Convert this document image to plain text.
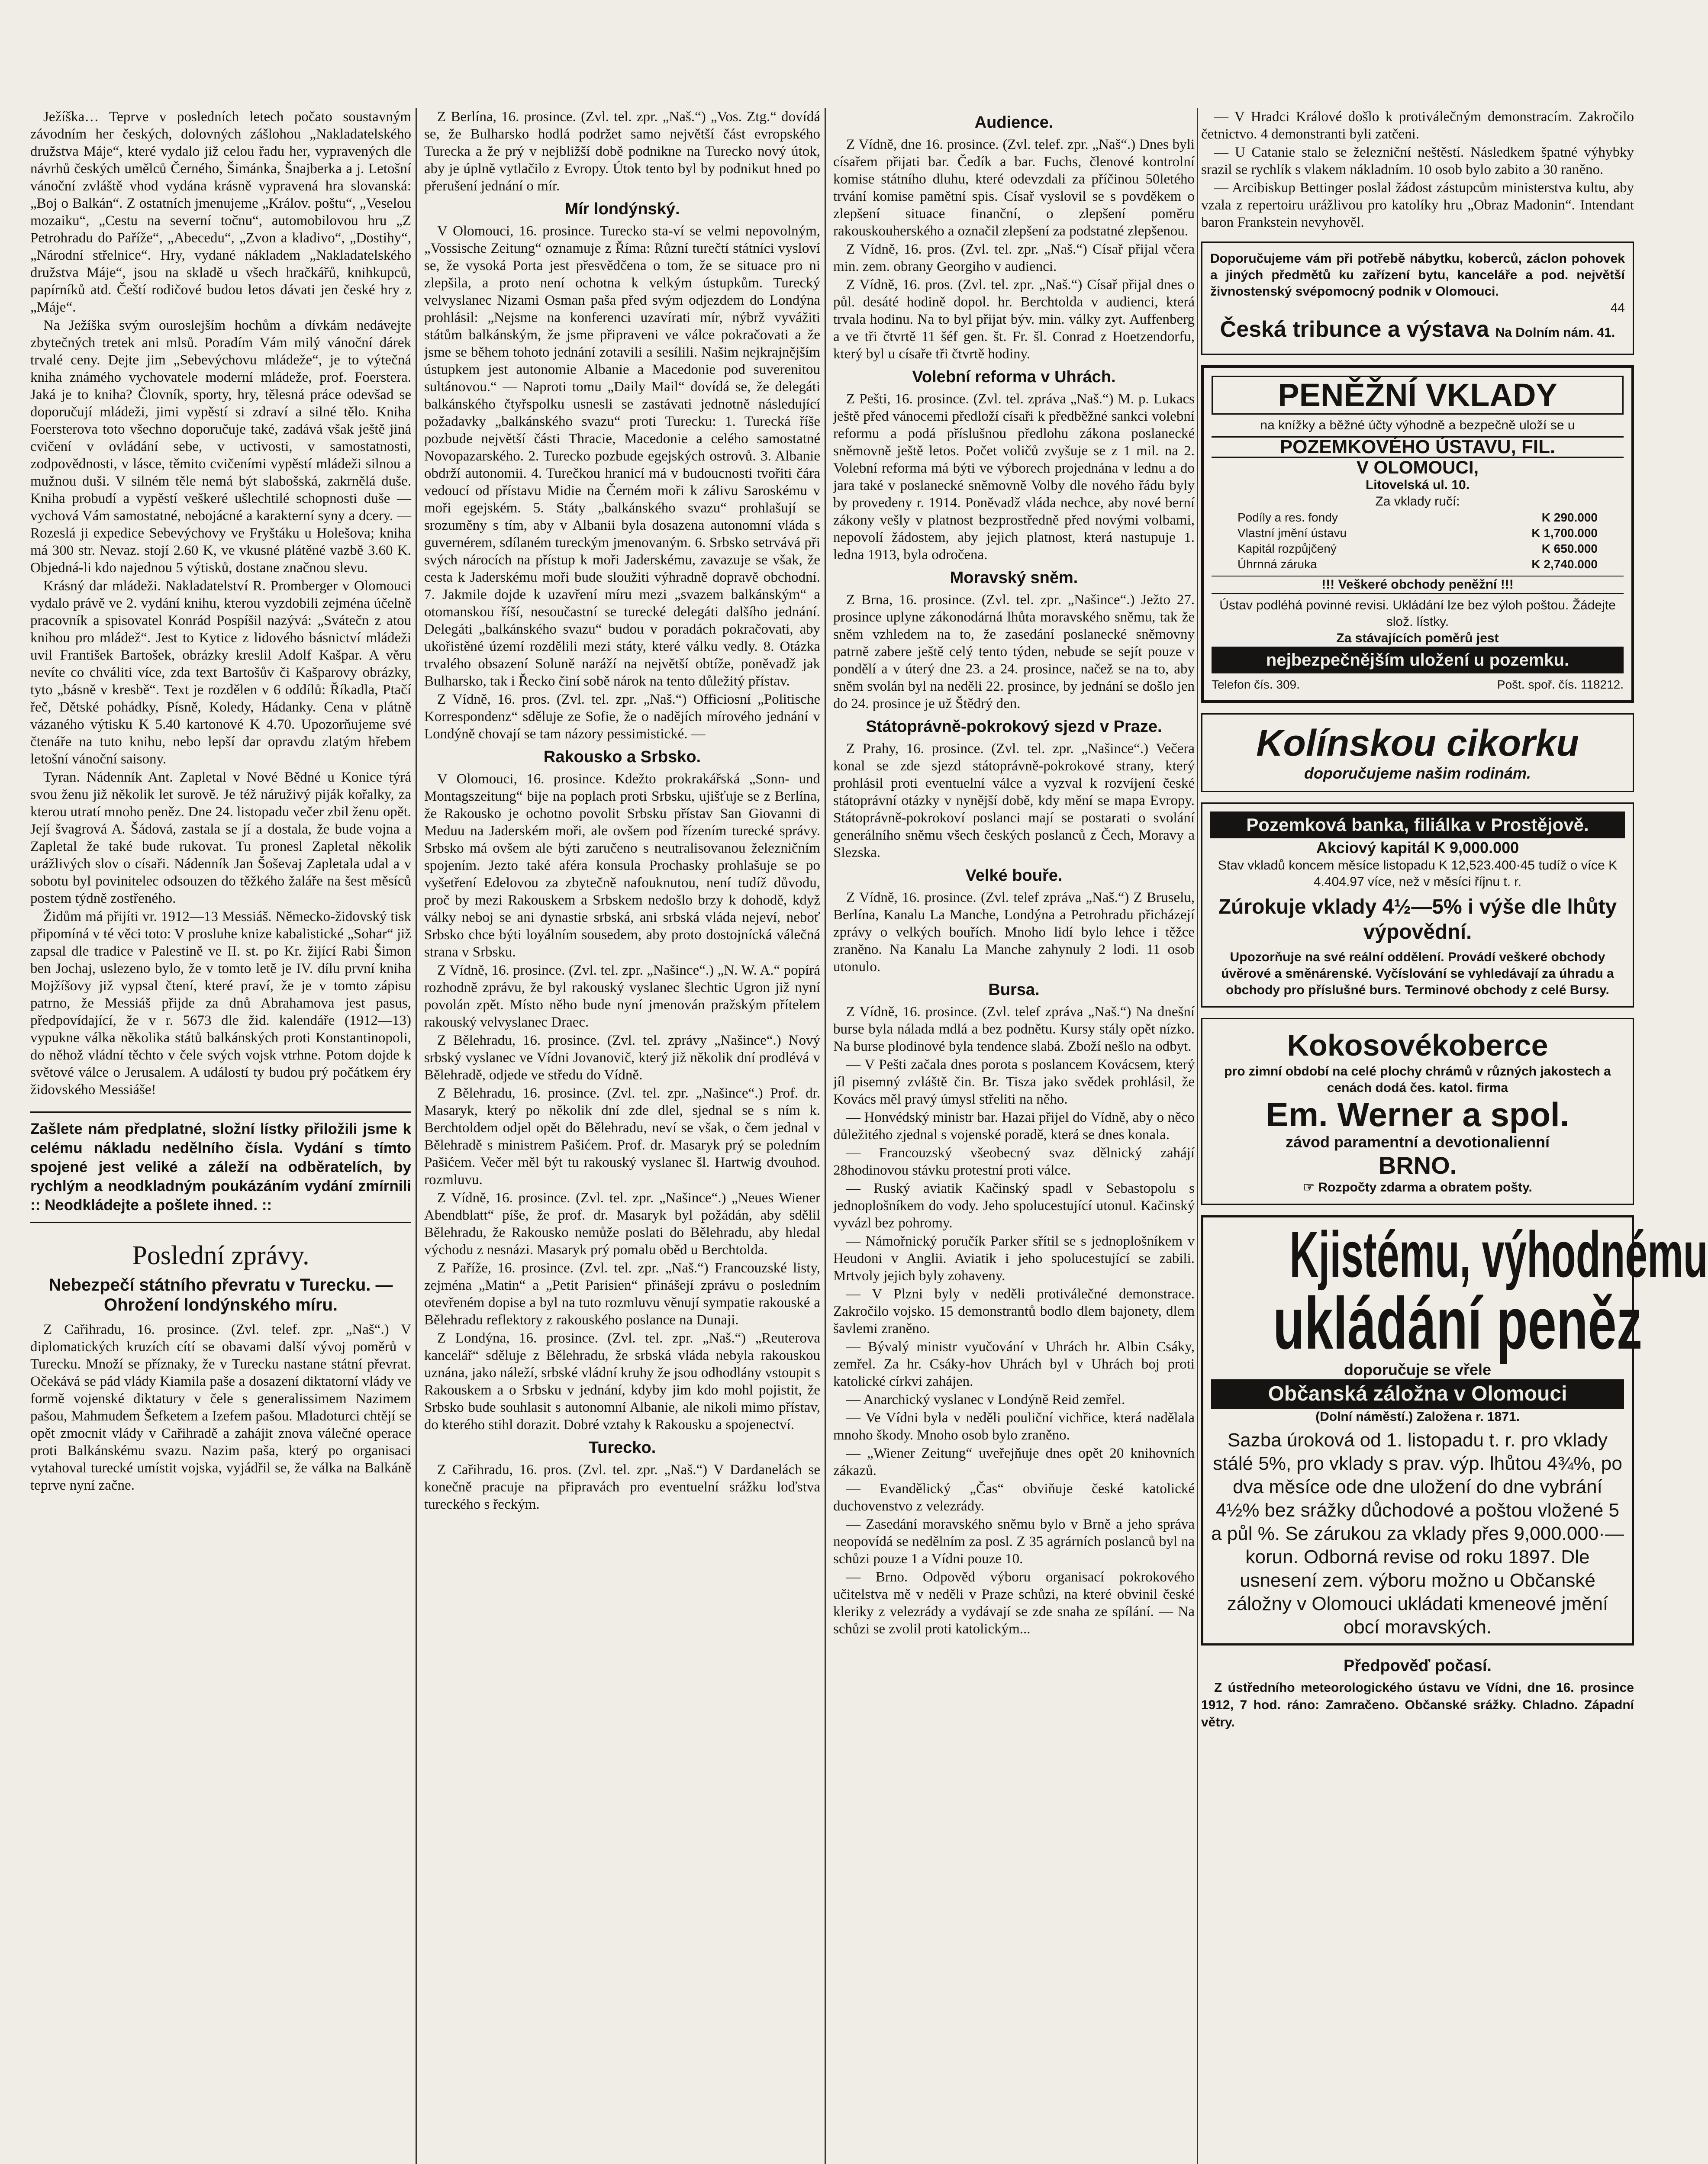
Ježíška… Teprve v posledních letech počato soustavným závodním her českých, dolovných zášlohou „Nakladatelského družstva Máje“, které vydalo již celou řadu her, vypravených dle návrhů českých umělců Černého, Šimánka, Šnajberka a j. Letošní vánoční zvláště vhod vydána krásně vypravená hra slovanská: „Boj o Balkán“. Z ostatních jmenujeme „Králov. poštu“, „Veselou mozaiku“, „Cestu na severní točnu“, automobilovou hru „Z Petrohradu do Paříže“, „Abecedu“, „Zvon a kladivo“, „Dostihy“, „Národní střelnice“. Hry, vydané nákladem „Nakladatelského družstva Máje“, jsou na skladě u všech hračkářů, knihkupců, papírníků atd. Čeští rodičové budou letos dávati jen české hry z „Máje“.

Na Ježíška svým ouroslejším hochům a dívkám nedávejte zbytečných tretek ani mlsů. Poradím Vám milý vánoční dárek trvalé ceny. Dejte jim „Sebevýchovu mládeže“, je to výtečná kniha známého vychovatele moderní mládeže, prof. Foerstera. Jaká je to kniha? Človník, sporty, hry, tělesná práce odevšad se doporučují mládeži, jimi vypěstí si zdraví a silné tělo. Kniha Foersterova toto všechno doporučuje také, zadává však ještě jiná cvičení v ovládání sebe, v uctivosti, v samostatnosti, zodpovědnosti, v lásce, těmito cvičeními vypěstí mládeži silnou a mužnou duši. V silném těle nemá být slabošská, zakrnělá duše. Kniha probudí a vypěstí veškeré ušlechtilé schopnosti duše — vychová Vám samostatné, nebojácné a karakterní syny a dcery. — Rozeslá ji expedice Sebevýchovy ve Fryštáku u Holešova; kniha má 300 str. Nevaz. stojí 2.60 K, ve vkusné plátěné vazbě 3.60 K. Objedná-li kdo najednou 5 výtisků, dostane značnou slevu.

Krásný dar mládeži. Nakladatelství R. Promberger v Olomouci vydalo právě ve 2. vydání knihu, kterou vyzdobili zejména účelně pracovník a spisovatel Konrád Pospíšil nazývá: „Svátečn z atou knihou pro mládež“. Jest to Kytice z lidového básnictví mládeži uvil František Bartošek, obrázky kreslil Adolf Kašpar. A věru nevíte co chváliti více, zda text Bartošův či Kašparovy obrázky, tyto „básně v kresbě“. Text je rozdělen v 6 oddílů: Říkadla, Ptačí řeč, Dětské pohádky, Písně, Koledy, Hádanky. Cena v plátně vázaného výtisku K 5.40 kartonové K 4.70. Upozorňujeme své čtenáře na tuto knihu, nebo lepší dar opravdu zlatým hřebem letošní vánoční saisony.

Tyran. Nádenník Ant. Zapletal v Nové Bědné u Konice týrá svou ženu již několik let surově. Je též náruživý piják kořalky, za kterou utratí mnoho peněz. Dne 24. listopadu večer zbil ženu opět. Její švagrová A. Šádová, zastala se jí a dostala, že bude vojna a Zapletal že také bude rukovat. Tu pronesl Zapletal několik urážlivých slov o císaři. Nádenník Jan Šoševaj Zapletala udal a v sobotu byl povinitelec odsouzen do těžkého žaláře na šest měsíců postem týdně zostřeného.

Židům má přijíti vr. 1912—13 Messiáš. Německo-židovský tisk připomíná v té věci toto: V prosluhe knize kabalistické „Sohar“ již zapsal dle tradice v Palestině ve II. st. po Kr. žijící Rabi Šimon ben Jochaj, uslezeno bylo, že v tomto letě je IV. dílu první kniha Mojžíšovy již vypsal čtení, které praví, že je v tomto zápisu patrno, že Messiáš přijde za dnů Abrahamova jest pasus, předpovídající, že v r. 5673 dle žid. kalendáře (1912—13) vypukne válka několika států balkánských proti Konstantinopoli, do něhož vládní těchto v čele svých vojsk vtrhne. Potom dojde k světové válce o Jerusalem. A událostí ty budou prý počátkem éry židovského Messiáše!

Zašlete nám předplatné, složní lístky přiložili jsme k celému nákladu nedělního čísla. Vydání s tímto spojené jest veliké a záleží na odběratelích, by rychlým a neodkladným poukázáním vydání zmírnili :: Neodkládejte a pošlete ihned. ::
Poslední zprávy.
Nebezpečí státního převratu v Turecku. — Ohrožení londýnského míru.

Z Cařihradu, 16. prosince. (Zvl. telef. zpr. „Naš“.) V diplomatických kruzích cítí se obavami další vývoj poměrů v Turecku. Množí se příznaky, že v Turecku nastane státní převrat. Očekává se pád vlády Kiamila paše a dosazení diktatorní vlády ve formě vojenské diktatury v čele s generalissimem Nazimem pašou, Mahmudem Šefketem a Izefem pašou. Mladoturci chtějí se opět zmocnit vlády v Cařihradě a zahájit znova válečné operace proti Balkánskému svazu. Nazim paša, který po organisaci vytahoval turecké umístit vojska, vyjádřil se, že válka na Balkáně teprve nyní začne.

Z Berlína, 16. prosince. (Zvl. tel. zpr. „Naš.“) „Vos. Ztg.“ dovídá se, že Bulharsko hodlá podržet samo největší část evropského Turecka a že prý v nejbližší době podnikne na Turecko nový útok, aby je úplně vytlačilo z Evropy. Útok tento byl by podnikut hned po přerušení jednání o mír.

Mír londýnský.

V Olomouci, 16. prosince. Turecko sta-ví se velmi nepovolným, „Vossische Zeitung“ oznamuje z Říma: Různí turečtí státníci vysloví se, že vysoká Porta jest přesvědčena o tom, že se situace pro ni zlepšila, a proto není ochotna k velkým ústupkům. Turecký velvyslanec Nizami Osman paša před svým odjezdem do Londýna prohlásil: „Nejsme na konferenci uzavírati mír, nýbrž vyvážiti státům balkánským, že jsme připraveni ve válce pokračovati a že jsme se během tohoto jednání zotavili a sesílili. Našim nejkrajnějším ústupkem jest autonomie Albanie a Macedonie pod suverenitou sultánovou.“ — Naproti tomu „Daily Mail“ dovídá se, že delegáti balkánského čtyřspolku usnesli se zastávati jednotně následující požadavky „balkánského svazu“ proti Turecku: 1. Turecká říše pozbude největší části Thracie, Macedonie a celého samostatné Novopazarského. 2. Turecko pozbude egejských ostrovů. 3. Albanie obdrží autonomii. 4. Turečkou hranicí má v budoucnosti tvořiti čára vedoucí od přístavu Midie na Černém moři k zálivu Saroskému v moři egejském. 5. Státy „balkánského svazu“ prohlašují se srozuměny s tím, aby v Albanii byla dosazena autonomní vláda s guvernérem, sdílaném tureckým jmenovaným. 6. Srbsko setrvává při svých nárocích na přístup k moři Jaderskému, zavazuje se však, že cesta k Jaderskému moři bude sloužiti výhradně dopravě obchodní. 7. Jakmile dojde k uzavření míru mezi „svazem balkánským“ a otomanskou říší, nesoučastní se turecké delegáti dalšího jednání. Delegáti „balkánského svazu“ budou v poradách pokračovati, aby ukořistěné území rozdělili mezi státy, které válku vedly. 8. Otázka trvalého obsazení Soluně naráží na největší obtíže, poněvadž jak Bulharsko, tak i Řecko činí sobě nárok na tento důležitý přístav.

Z Vídně, 16. pros. (Zvl. tel. zpr. „Naš.“) Officiosní „Politische Korrespondenz“ sděluje ze Sofie, že o nadějích mírového jednání v Londýně chovají se tam názory pessimistické. —

Rakousko a Srbsko.

V Olomouci, 16. prosince. Kdežto prokrakářská „Sonn- und Montagszeitung“ bije na poplach proti Srbsku, ujišťuje se z Berlína, že Rakousko je ochotno povolit Srbsku přístav San Giovanni di Meduu na Jaderském moři, ale ovšem pod řízením turecké správy. Srbsko má ovšem ale býti zaručeno s neutralisovanou železničním spojením. Jezto také aféra konsula Prochasky prohlašuje se po vyšetření Edelovou za zbytečně nafouknutou, není tudíž důvodu, proč by mezi Rakouskem a Srbskem nedošlo brzy k dohodě, když války neboj se ani dynastie srbská, ani srbská vláda nejeví, neboť Srbsko chce býti loyálním sousedem, aby proto dostojnícká válečná strana v Srbsku.

Z Vídně, 16. prosince. (Zvl. tel. zpr. „Našince“.) „N. W. A.“ popírá rozhodně zprávu, že byl rakouský vyslanec šlechtic Ugron již nyní povolán zpět. Místo něho bude nyní jmenován pražským přítelem rakouský velvyslanec Draec.

Z Bělehradu, 16. prosince. (Zvl. tel. zprávy „Našince“.) Nový srbský vyslanec ve Vídni Jovanovič, který již několik dní prodlévá v Bělehradě, odjede ve středu do Vídně.

Z Bělehradu, 16. prosince. (Zvl. tel. zpr. „Našince“.) Prof. dr. Masaryk, který po několik dní zde dlel, sjednal se s ním k. Berchtoldem odjel opět do Bělehradu, neví se však, o čem jednal v Bělehradě s ministrem Pašićem. Prof. dr. Masaryk prý se poledním Pašićem. Večer měl být tu rakouský vyslanec šl. Hartwig dvouhod. rozmluvu.

Z Vídně, 16. prosince. (Zvl. tel. zpr. „Našince“.) „Neues Wiener Abendblatt“ píše, že prof. dr. Masaryk byl požádán, aby sdělil Bělehradu, že Rakousko nemůže poslati do Bělehradu, aby hledal východu z nesnázi. Masaryk prý pomalu oběd u Berchtolda.

Z Paříže, 16. prosince. (Zvl. tel. zpr. „Naš.“) Francouzské listy, zejména „Matin“ a „Petit Parisien“ přinášejí zprávu o posledním otevřeném dopise a byl na tuto rozmluvu věnují sympatie rakouské a Bělehradu reflektory z rakouského poslance na Dunaji.

Z Londýna, 16. prosince. (Zvl. tel. zpr. „Naš.“) „Reuterova kancelář“ sděluje z Bělehradu, že srbská vláda nebyla rakouskou uznána, jako náleží, srbské vládní kruhy že jsou odhodlány vstoupit s Rakouskem a o Srbsku v jednání, kdyby jim kdo mohl pojistit, že Srbsko bude souhlasit s autonomní Albanie, ale nikoli mimo přístav, do kterého stihl dorazit. Dobré vztahy k Rakousku a spojenectví.

Turecko.

Z Cařihradu, 16. pros. (Zvl. tel. zpr. „Naš.“) V Dardanelách se konečně pracuje na připravách pro eventuelní srážku loďstva tureckého s řeckým.

Audience.

Z Vídně, dne 16. prosince. (Zvl. telef. zpr. „Naš“.) Dnes byli císařem přijati bar. Čedík a bar. Fuchs, členové kontrolní komise státního dluhu, které odevzdali za příčinou 50letého trvání komise pamětní spis. Císař vyslovil se s povděkem o zlepšení situace finanční, o zlepšení poměru rakouskouherského a označil zlepšení za podstatné zlepšenou.

Z Vídně, 16. pros. (Zvl. tel. zpr. „Naš.“) Císař přijal včera min. zem. obrany Georgiho v audienci.

Z Vídně, 16. pros. (Zvl. tel. zpr. „Naš.“) Císař přijal dnes o půl. desáté hodině dopol. hr. Berchtolda v audienci, která trvala hodinu. Na to byl přijat býv. min. války zyt. Auffenberg a ve tři čtvrtě 11 šéf gen. št. Fr. šl. Conrad z Hoetzendorfu, který byl u císaře tři čtvrtě hodiny.

Volební reforma v Uhrách.

Z Pešti, 16. prosince. (Zvl. tel. zpráva „Naš.“) M. p. Lukacs ještě před vánocemi předloží císaři k předběžné sankci volební reformu a podá příslušnou předlohu zákona poslanecké sněmovně ještě letos. Počet voličů zvyšuje se z 1 mil. na 2. Volební reforma má býti ve výborech projednána v lednu a do jara také v poslanecké sněmovně Volby dle nového řádu byly by provedeny r. 1914. Poněvadž vláda nechce, aby nové berní zákony vešly v platnost bezprostředně před novými volbami, nepovolí žádostem, aby jejich platnost, která nastupuje 1. ledna 1913, byla odročena.

Moravský sněm.

Z Brna, 16. prosince. (Zvl. tel. zpr. „Našince“.) Ježto 27. prosince uplyne zákonodárná lhůta moravského sněmu, tak že sněm vzhledem na to, že zasedání poslanecké sněmovny patrně zabere ještě celý tento týden, nebude se sejít pouze v pondělí a v úterý dne 23. a 24. prosince, načež se na to, aby sněm svolán byl na neděli 22. prosince, by jednání se došlo jen do 24. prosince je už Štědrý den.

Státoprávně-pokrokový sjezd v Praze.

Z Prahy, 16. prosince. (Zvl. tel. zpr. „Našince“.) Večera konal se zde sjezd státoprávně-pokrokové strany, který prohlásil proti eventuelní válce a vyzval k rozvíjení české státoprávní otázky v nynější době, kdy mění se mapa Evropy. Státoprávně-pokrokoví poslanci mají se postarati o svolání generálního sněmu všech českých poslanců z Čech, Moravy a Slezska.

Velké bouře.

Z Vídně, 16. prosince. (Zvl. telef zpráva „Naš.“) Z Bruselu, Berlína, Kanalu La Manche, Londýna a Petrohradu přicházejí zprávy o velkých bouřích. Mnoho lidí bylo lehce i těžce zraněno. Na Kanalu La Manche zahynuly 2 lodi. 11 osob utonulo.

Bursa.

Z Vídně, 16. prosince. (Zvl. telef zpráva „Naš.“) Na dnešní burse byla nálada mdlá a bez podnětu. Kursy stály opět nízko. Na burse plodinové byla tendence slabá. Zboží nešlo na odbyt.

— V Pešti začala dnes porota s poslancem Kovácsem, který jíl pisemný zvláště čin. Br. Tisza jako svědek prohlásil, že Kovács měl pravý úmysl střeliti na něho.

— Honvédský ministr bar. Hazai přijel do Vídně, aby o něco důležitého zjednal s vojenské poradě, která se dnes konala.

— Francouzský všeobecný svaz dělnický zahájí 28hodinovou stávku protestní proti válce.

— Ruský aviatik Kačinský spadl v Sebastopolu s jednoplošníkem do vody. Jeho spolucestující utonul. Kačinský vyvázl bez pohromy.

— Námořnický poručík Parker sřítil se s jednoplošníkem v Heudoni v Anglii. Aviatik i jeho spolucestující se zabili. Mrtvoly jejich byly zohaveny.

— V Plzni byly v neděli protiválečné demonstrace. Zakročilo vojsko. 15 demonstrantů bodlo dlem bajonety, dlem šavlemi zraněno.

— Bývalý ministr vyučování v Uhrách hr. Albin Csáky, zemřel. Za hr. Csáky-hov Uhrách byl v Uhrách boj proti katolické církvi zahájen.

— Anarchický vyslanec v Londýně Reid zemřel.

— Ve Vídni byla v neděli pouliční vichřice, která nadělala mnoho škody. Mnoho osob bylo zraněno.

— „Wiener Zeitung“ uveřejňuje dnes opět 20 knihovních zákazů.

— Evandělický „Čas“ obviňuje české katolické duchovenstvo z velezrády.

— Zasedání moravského sněmu bylo v Brně a jeho správa neopovídá se nedělním za posl. Z 35 agrárních poslanců byl na schůzi pouze 1 a Vídni pouze 10.

— Brno. Odpověd výboru organisací pokrokového učitelstva mě v neděli v Praze schůzi, na které obvinil české kleriky z velezrády a vydávají se zde snaha ze spílání. — Na schůzi se zvolil proti katolickým...

— V Hradci Králové došlo k protiválečným demonstracím. Zakročilo četnictvo. 4 demonstranti byli zatčeni.

— U Catanie stalo se železniční neštěstí. Následkem špatné výhybky srazil se rychlík s vlakem nákladním. 10 osob bylo zabito a 30 raněno.

— Arcibiskup Bettinger poslal žádost zástupcům ministerstva kultu, aby vzala z repertoiru urážlivou pro katolíky hru „Obraz Madonin“. Intendant baron Frankstein nevyhověl.

Doporučujeme vám při potřebě nábytku, koberců, záclon pohovek a jiných předmětů ku zařízení bytu, kanceláře a pod. největší živnostenský svépomocný podnik v Olomouci.
44
Česká tribunce a výstava Na Dolním nám. 41.
PENĚŽNÍ VKLADY
na knížky a běžné účty výhodně a bezpečně uloží se u
POZEMKOVÉHO ÚSTAVU, FIL.
V OLOMOUCI,
Litovelská ul. 10.
Za vklady ručí:
Podíly a res. fondy	K 290.000
Vlastní jmění ústavu	K 1,700.000
Kapitál rozpůjčený	K 650.000
Úhrnná záruka	K 2,740.000
!!! Veškeré obchody peněžní !!!
Ústav podléhá povinné revisi. Ukládání lze bez výloh poštou. Žádejte slož. lístky.
Za stávajících poměrů jest
nejbezpečnějším uložení u pozemku.
Telefon čís. 309.	Pošt. spoř. čís. 118212.
Kolínskou cikorku
doporučujeme našim rodinám.
Pozemková banka, filiálka v Prostějově.
Akciový kapitál K 9,000.000
Stav vkladů koncem měsíce listopadu K 12,523.400·45 tudíž o více K 4.404.97 více, než v měsíci říjnu t. r.
Zúrokuje vklady 4½—5% i výše dle lhůty výpovědní.
Upozorňuje na své reální oddělení. Provádí veškeré obchody úvěrové a směnárenské. Vyčíslování se vyhledávají za úhradu a obchody pro příslušné burs. Terminové obchody z celé Bursy.
Kokosovékoberce
pro zimní období na celé plochy chrámů v různých jakostech a cenách dodá čes. katol. firma
Em. Werner a spol.
závod paramentní a devotionalienní
BRNO.
☞ Rozpočty zdarma a obratem pošty.
Kjistému, výhodnému
ukládání peněz
doporučuje se vřele
Občanská záložna v Olomouci
(Dolní náměstí.) Založena r. 1871.
Sazba úroková od 1. listopadu t. r. pro vklady stálé 5%, pro vklady s prav. výp. lhůtou 4¾%, po dva měsíce ode dne uložení do dne vybrání 4½% bez srážky důchodové a poštou vložené 5 a půl %. Se zárukou za vklady přes 9,000.000·— korun. Odborná revise od roku 1897. Dle usnesení zem. výboru možno u Občanské záložny v Olomouci ukládati kmeneové jmění obcí moravských.
Předpověď počasí.

Z ústředního meteorologického ústavu ve Vídni, dne 16. prosince 1912, 7 hod. ráno: Zamračeno. Občanské srážky. Chladno. Západní větry.
